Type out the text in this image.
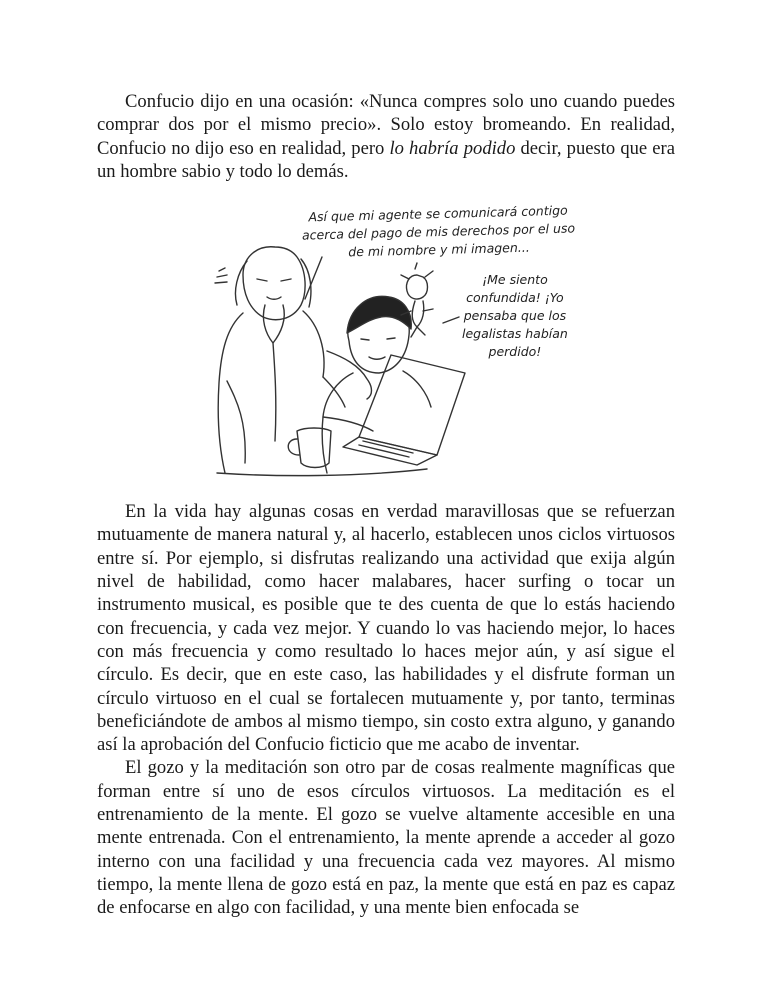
Confucio dijo en una ocasión: «Nunca compres solo uno cuando puedes comprar dos por el mismo precio». Solo estoy bromeando. En realidad, Confucio no dijo eso en realidad, pero lo habría podido decir, puesto que era un hombre sabio y todo lo demás.

Así que mi agente se comunicará contigo
acerca del pago de mis derechos por el uso
de mi nombre y mi imagen...
¡Me siento
confundida! ¡Yo
pensaba que los
legalistas habían
perdido!

En la vida hay algunas cosas en verdad maravillosas que se refuerzan mutuamente de manera natural y, al hacerlo, establecen unos ciclos virtuosos entre sí. Por ejemplo, si disfrutas realizando una actividad que exija algún nivel de habilidad, como hacer malabares, hacer surfing o tocar un instrumento musical, es posible que te des cuenta de que lo estás haciendo con frecuencia, y cada vez mejor. Y cuando lo vas haciendo mejor, lo haces con más frecuencia y como resultado lo haces mejor aún, y así sigue el círculo. Es decir, que en este caso, las habilidades y el disfrute forman un círculo virtuoso en el cual se fortalecen mutuamente y, por tanto, terminas beneficiándote de ambos al mismo tiempo, sin costo extra alguno, y ganando así la aprobación del Confucio ficticio que me acabo de inventar.

El gozo y la meditación son otro par de cosas realmente magníficas que forman entre sí uno de esos círculos virtuosos. La meditación es el entrenamiento de la mente. El gozo se vuelve altamente accesible en una mente entrenada. Con el entrenamiento, la mente aprende a acceder al gozo interno con una facilidad y una frecuencia cada vez mayores. Al mismo tiempo, la mente llena de gozo está en paz, la mente que está en paz es capaz de enfocarse en algo con facilidad, y una mente bien enfocada se
